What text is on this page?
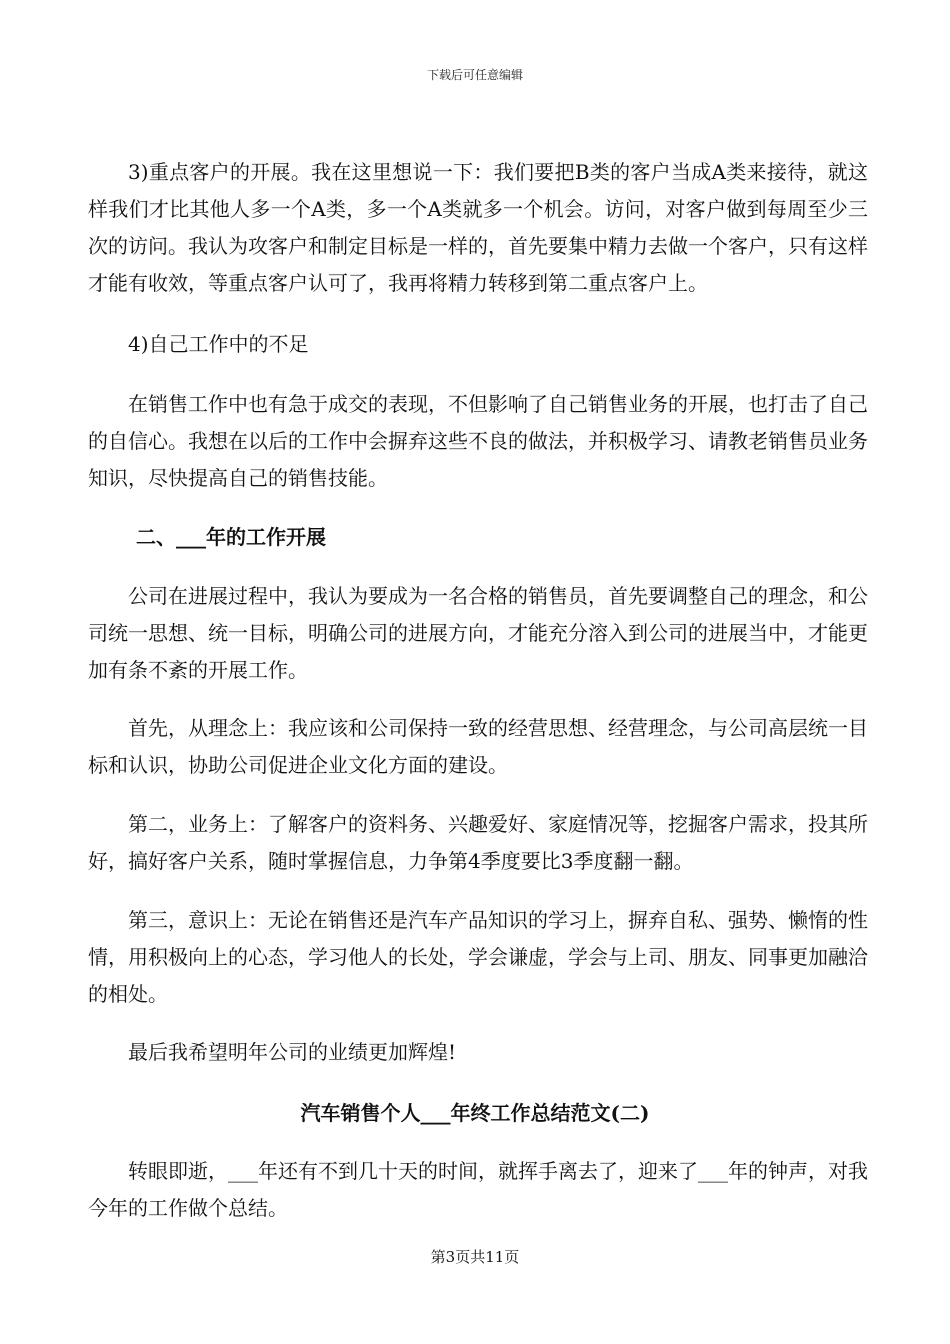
下载后可任意编辑

3)重点客户的开展。我在这里想说一下：我们要把B类的客户当成A类来接待，就这样我们才比其他人多一个A类，多一个A类就多一个机会。访问，对客户做到每周至少三次的访问。我认为攻客户和制定目标是一样的，首先要集中精力去做一个客户，只有这样才能有收效，等重点客户认可了，我再将精力转移到第二重点客户上。

4)自己工作中的不足

在销售工作中也有急于成交的表现，不但影响了自己销售业务的开展，也打击了自己的自信心。我想在以后的工作中会摒弃这些不良的做法，并积极学习、请教老销售员业务知识，尽快提高自己的销售技能。

二、___年的工作开展

公司在进展过程中，我认为要成为一名合格的销售员，首先要调整自己的理念，和公司统一思想、统一目标，明确公司的进展方向，才能充分溶入到公司的进展当中，才能更加有条不紊的开展工作。

首先，从理念上：我应该和公司保持一致的经营思想、经营理念，与公司高层统一目标和认识，协助公司促进企业文化方面的建设。

第二，业务上：了解客户的资料务、兴趣爱好、家庭情况等，挖掘客户需求，投其所好，搞好客户关系，随时掌握信息，力争第4季度要比3季度翻一翻。

第三，意识上：无论在销售还是汽车产品知识的学习上，摒弃自私、强势、懒惰的性情，用积极向上的心态，学习他人的长处，学会谦虚，学会与上司、朋友、同事更加融洽的相处。

最后我希望明年公司的业绩更加辉煌!

汽车销售个人___年终工作总结范文(二)

转眼即逝，___年还有不到几十天的时间，就挥手离去了，迎来了___年的钟声，对我今年的工作做个总结。

第3页共11页
